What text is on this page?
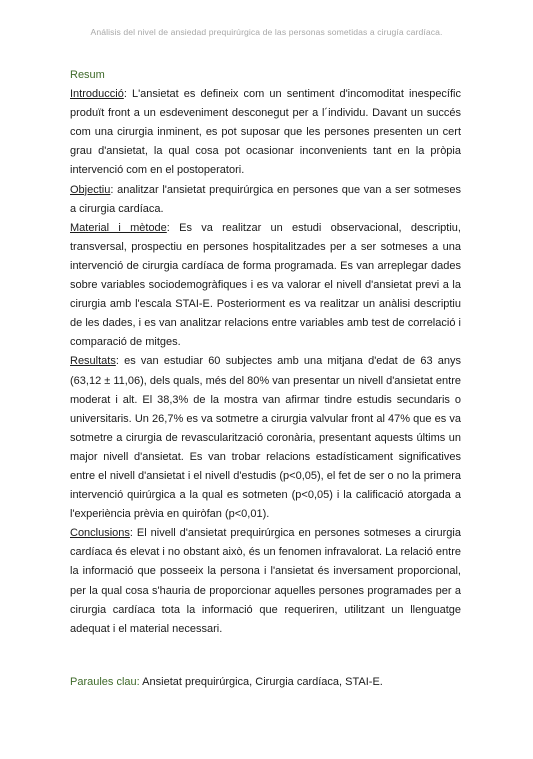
Análisis del nivel de ansiedad prequirúrgica de las personas sometidas a cirugía cardíaca.
Resum

Introducció: L'ansietat es defineix com un sentiment d'incomoditat inespecífic produït front a un esdeveniment desconegut per a l´individu. Davant un succés com una cirurgia inminent, es pot suposar que les persones presenten un cert grau d'ansietat, la qual cosa pot ocasionar inconvenients tant en la pròpia intervenció com en el postoperatori.

Objectiu: analitzar l'ansietat prequirúrgica en persones que van a ser sotmeses a cirurgia cardíaca.

Material i mètode: Es va realitzar un estudi observacional, descriptiu, transversal, prospectiu en persones hospitalitzades per a ser sotmeses a una intervenció de cirurgia cardíaca de forma programada. Es van arreplegar dades sobre variables sociodemogràfiques i es va valorar el nivell d'ansietat previ a la cirurgia amb l'escala STAI-E. Posteriorment es va realitzar un anàlisi descriptiu de les dades, i es van analitzar relacions entre variables amb test de correlació i comparació de mitges.

Resultats: es van estudiar 60 subjectes amb una mitjana d'edat de 63 anys (63,12 ± 11,06), dels quals, més del 80% van presentar un nivell d'ansietat entre moderat i alt. El 38,3% de la mostra van afirmar tindre estudis secundaris o universitaris. Un 26,7% es va sotmetre a cirurgia valvular front al 47% que es va sotmetre a cirurgia de revascularització coronària, presentant aquests últims un major nivell d'ansietat. Es van trobar relacions estadísticament significatives entre el nivell d'ansietat i el nivell d'estudis (p<0,05), el fet de ser o no la primera intervenció quirúrgica a la qual es sotmeten (p<0,05) i la calificació atorgada a l'experiència prèvia en quiròfan (p<0,01).

Conclusions: El nivell d'ansietat prequirúrgica en persones sotmeses a cirurgia cardíaca és elevat i no obstant això, és un fenomen infravalorat. La relació entre la informació que posseeix la persona i l'ansietat és inversament proporcional, per la qual cosa s'hauria de proporcionar aquelles persones programades per a cirurgia cardíaca tota la informació que requeriren, utilitzant un llenguatge adequat i el material necessari.

Paraules clau: Ansietat prequirúrgica, Cirurgia cardíaca, STAI-E.
